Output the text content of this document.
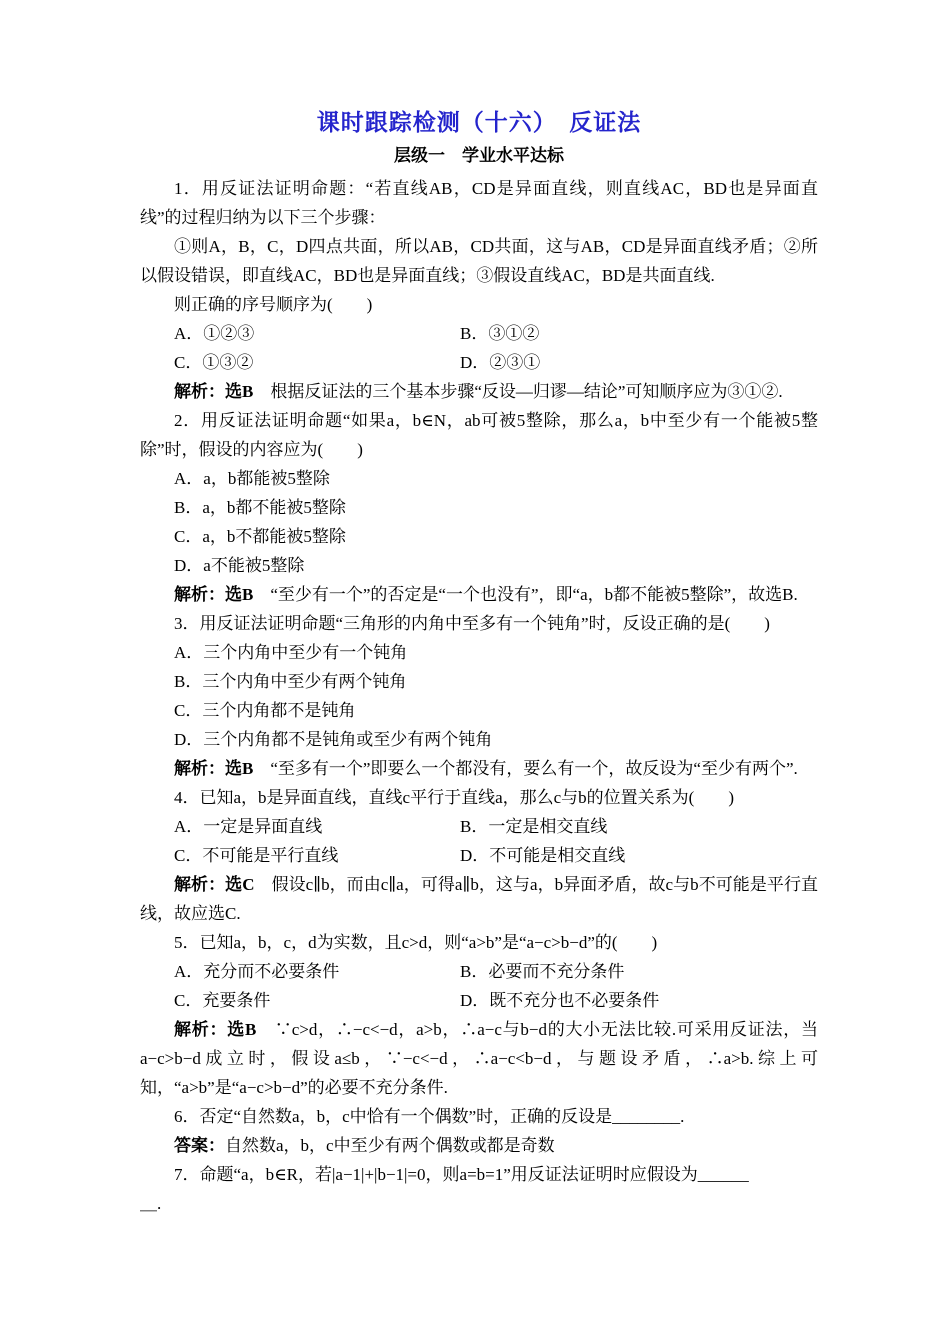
课时跟踪检测（十六）　反证法
层级一　学业水平达标

1．用反证法证明命题：“若直线AB，CD是异面直线，则直线AC，BD也是异面直线”的过程归纳为以下三个步骤：

①则A，B，C，D四点共面，所以AB，CD共面，这与AB，CD是异面直线矛盾；②所以假设错误，即直线AC，BD也是异面直线；③假设直线AC，BD是共面直线.

则正确的序号顺序为(　　)

A．①②③	B．③①②

C．①③②	D．②③①

解析：选B　根据反证法的三个基本步骤“反设—归谬—结论”可知顺序应为③①②.

2．用反证法证明命题“如果a，b∈N，ab可被5整除，那么a，b中至少有一个能被5整除”时，假设的内容应为(　　)

A．a，b都能被5整除

B．a，b都不能被5整除

C．a，b不都能被5整除

D．a不能被5整除

解析：选B　“至少有一个”的否定是“一个也没有”，即“a，b都不能被5整除”，故选B.

3．用反证法证明命题“三角形的内角中至多有一个钝角”时，反设正确的是(　　)

A．三个内角中至少有一个钝角

B．三个内角中至少有两个钝角

C．三个内角都不是钝角

D．三个内角都不是钝角或至少有两个钝角

解析：选B　“至多有一个”即要么一个都没有，要么有一个，故反设为“至少有两个”.

4．已知a，b是异面直线，直线c平行于直线a，那么c与b的位置关系为(　　)

A．一定是异面直线	B．一定是相交直线

C．不可能是平行直线	D．不可能是相交直线

解析：选C　假设c∥b，而由c∥a，可得a∥b，这与a，b异面矛盾，故c与b不可能是平行直线，故应选C.

5．已知a，b，c，d为实数，且c>d，则“a>b”是“a−c>b−d”的(　　)

A．充分而不必要条件	B．必要而不充分条件

C．充要条件	D．既不充分也不必要条件

解析：选B　∵c>d，∴−c<−d，a>b，∴a−c与b−d的大小无法比较.可采用反证法，当a−c>b−d成立时，假设a≤b，∵−c<−d，∴a−c<b−d，与题设矛盾，∴a>b.综上可知，“a>b”是“a−c>b−d”的必要不充分条件.

6．否定“自然数a，b，c中恰有一个偶数”时，正确的反设是________.

答案：自然数a，b，c中至少有两个偶数或都是奇数

7．命题“a，b∈R，若|a−1|+|b−1|=0，则a=b=1”用反证法证明时应假设为______

＿.
